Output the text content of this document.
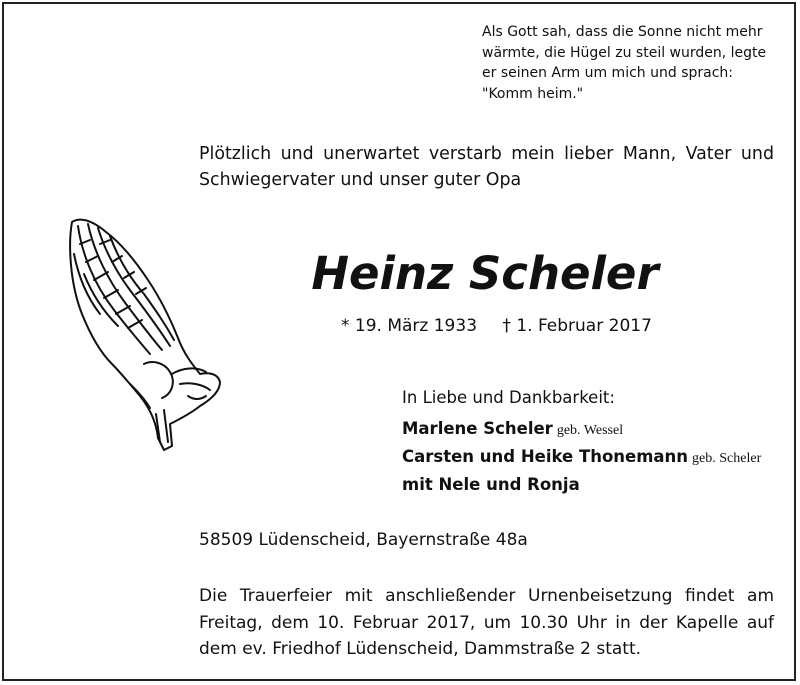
Als Gott sah, dass die Sonne nicht mehr
wärmte, die Hügel zu steil wurden, legte
er seinen Arm um mich und sprach:
"Komm heim."
Plötzlich und unerwartet verstarb mein lieber Mann, Vater und
Schwiegervater und unser guter Opa
Heinz Scheler
* 19. März 1933 † 1. Februar 2017
In Liebe und Dankbarkeit:
Marlene Scheler geb. Wessel
Carsten und Heike Thonemann geb. Scheler
mit Nele und Ronja
58509 Lüdenscheid, Bayernstraße 48a
Die Trauerfeier mit anschließender Urnenbeisetzung findet am
Freitag, dem 10. Februar 2017, um 10.30 Uhr in der Kapelle auf
dem ev. Friedhof Lüdenscheid, Dammstraße 2 statt.
